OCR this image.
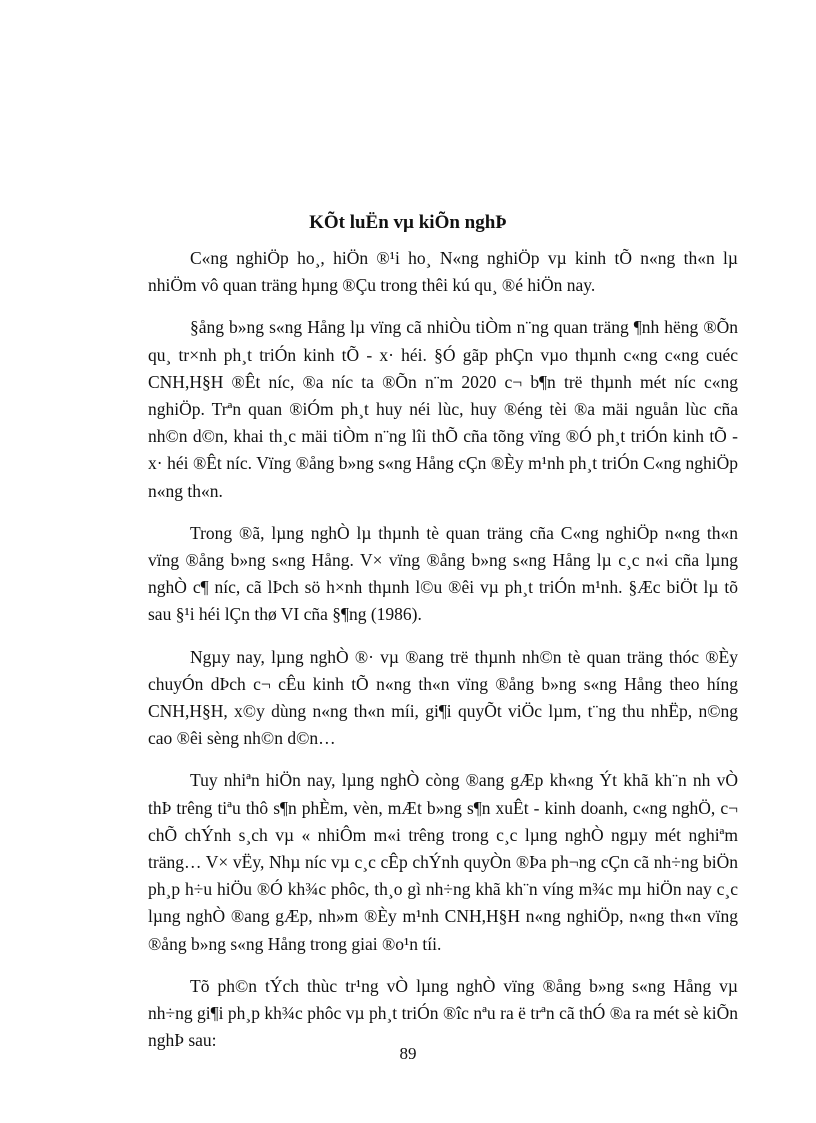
KÕt luËn vµ kiÕn nghÞ

C«ng nghiÖp ho¸, hiÖn ®¹i ho¸ N«ng nghiÖp vµ kinh tÕ n«ng th«n lµ nhiÖm vô quan träng hµng ®Çu trong thêi kú qu¸ ®é hiÖn nay.

§ång b»ng s«ng Hång lµ vïng cã nhiÒu tiÒm n¨ng quan träng ¶nh hëng ®Õn qu¸ tr×nh ph¸t triÓn kinh tÕ - x· héi. §Ó gãp phÇn vµo thµnh c«ng c«ng cuéc CNH,H§H ®Êt níc, ®a níc ta ®Õn n¨m 2020 c¬ b¶n trë thµnh mét níc c«ng nghiÖp. Trªn quan ®iÓm ph¸t huy néi lùc, huy ®éng tèi ®a mäi nguån lùc cña nh©n d©n, khai th¸c mäi tiÒm n¨ng lîi thÕ cña tõng vïng ®Ó ph¸t triÓn kinh tÕ - x· héi ®Êt níc. Vïng ®ång b»ng s«ng Hång cÇn ®Èy m¹nh ph¸t triÓn C«ng nghiÖp n«ng th«n.

Trong ®ã, lµng nghÒ lµ thµnh tè quan träng cña C«ng nghiÖp n«ng th«n vïng ®ång b»ng s«ng Hång. V× vïng ®ång b»ng s«ng Hång lµ c¸c n«i cña lµng nghÒ c¶ níc, cã lÞch sö h×nh thµnh l©u ®êi vµ ph¸t triÓn m¹nh. §Æc biÖt lµ tõ sau §¹i héi lÇn thø VI cña §¶ng (1986).

Ngµy nay, lµng nghÒ ®· vµ ®ang trë thµnh nh©n tè quan träng thóc ®Èy chuyÓn dÞch c¬ cÊu kinh tÕ n«ng th«n vïng ®ång b»ng s«ng Hång theo híng CNH,H§H, x©y dùng n«ng th«n míi, gi¶i quyÕt viÖc lµm, t¨ng thu nhËp, n©ng cao ®êi sèng nh©n d©n…

Tuy nhiªn hiÖn nay, lµng nghÒ còng ®ang gÆp kh«ng Ýt khã kh¨n nh vÒ thÞ trêng tiªu thô s¶n phÈm, vèn, mÆt b»ng s¶n xuÊt - kinh doanh, c«ng nghÖ, c¬ chÕ chÝnh s¸ch vµ « nhiÔm m«i trêng trong c¸c lµng nghÒ ngµy mét nghiªm träng… V× vËy, Nhµ níc vµ c¸c cÊp chÝnh quyÒn ®Þa ph¬ng cÇn cã nh÷ng biÖn ph¸p h÷u hiÖu ®Ó kh¾c phôc, th¸o gì nh÷ng khã kh¨n víng m¾c mµ hiÖn nay c¸c lµng nghÒ ®ang gÆp, nh»m ®Èy m¹nh CNH,H§H n«ng nghiÖp, n«ng th«n vïng ®ång b»ng s«ng Hång trong giai ®o¹n tíi.

Tõ ph©n tÝch thùc tr¹ng vÒ lµng nghÒ vïng ®ång b»ng s«ng Hång vµ nh÷ng gi¶i ph¸p kh¾c phôc vµ ph¸t triÓn ®îc nªu ra ë trªn cã thÓ ®a ra mét sè kiÕn nghÞ sau:

89
